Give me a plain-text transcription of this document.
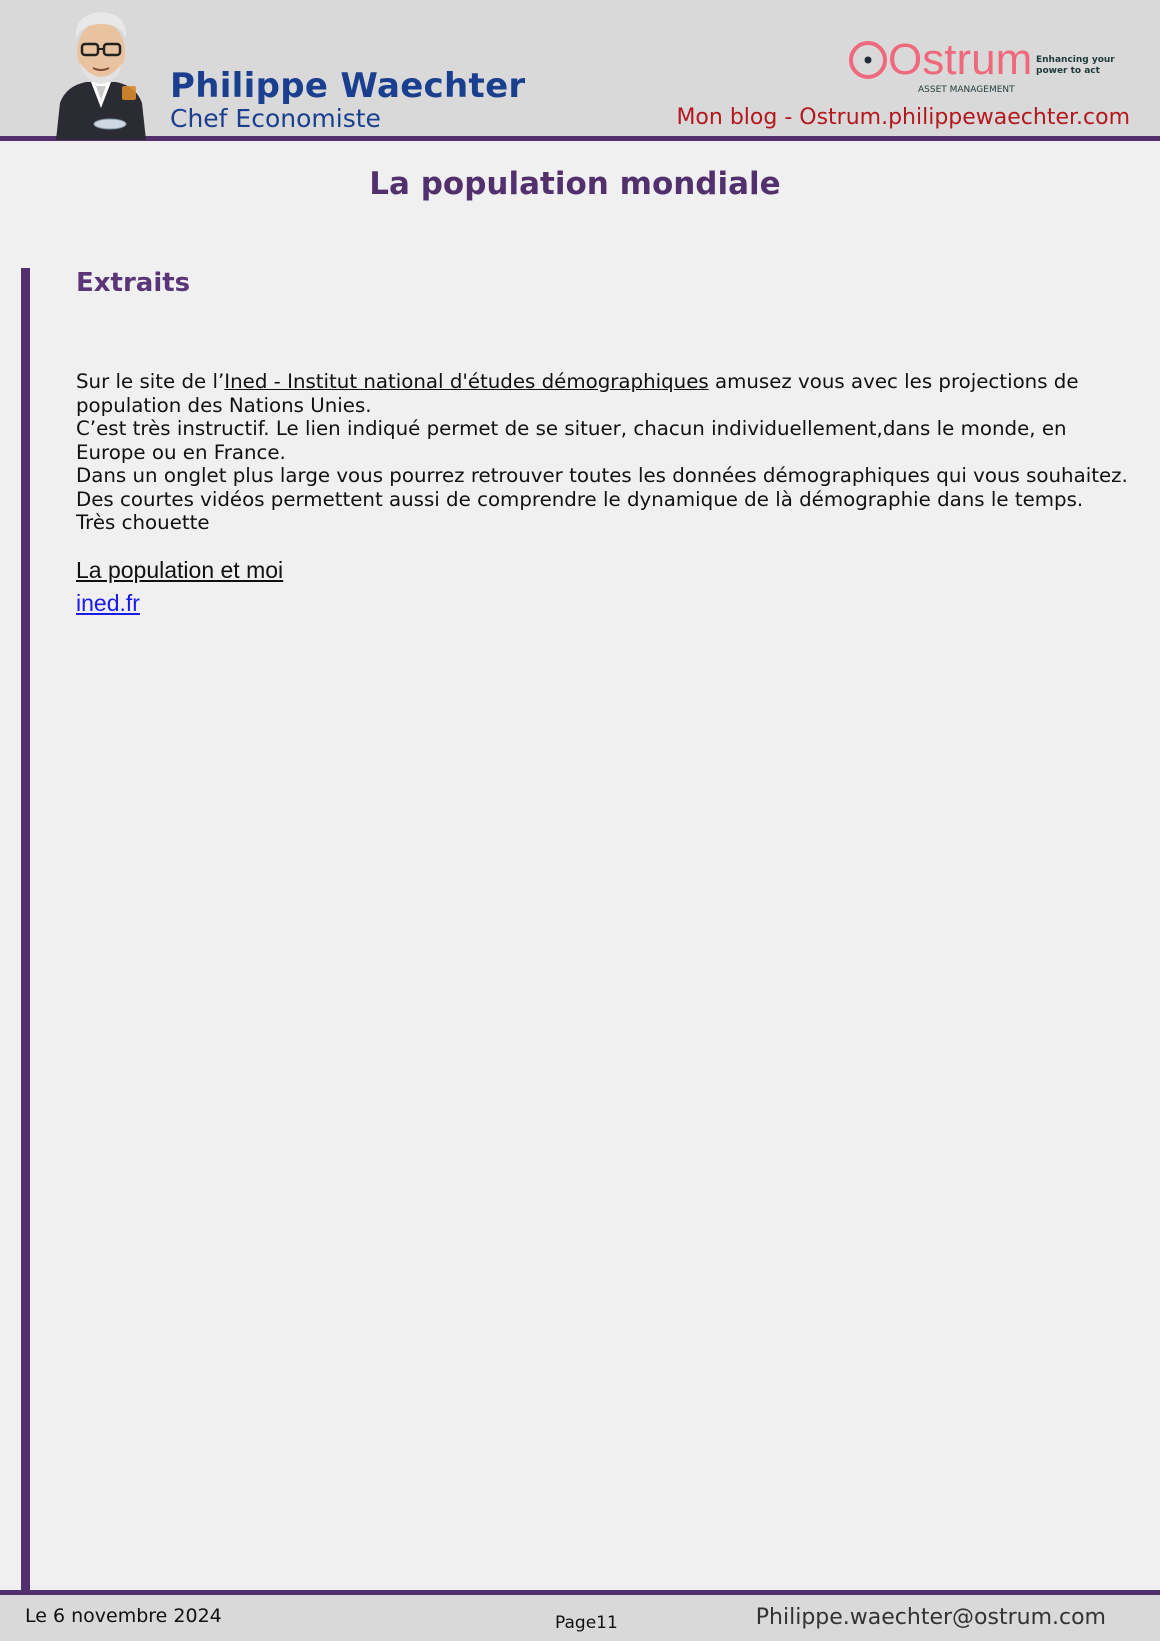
Philippe Waechter
Chef Economiste
Ostrum Enhancing your
power to act
ASSET MANAGEMENT
Mon blog - Ostrum.philippewaechter.com
La population mondiale
Extraits

Sur le site de l’Ined - Institut national d'études démographiques amusez vous avec les projections de population des Nations Unies.

C’est très instructif. Le lien indiqué permet de se situer, chacun individuellement,dans le monde, en Europe ou en France.

Dans un onglet plus large vous pourrez retrouver toutes les données démographiques qui vous souhaitez.

Des courtes vidéos permettent aussi de comprendre le dynamique de là démographie dans le temps.

Très chouette

La population et moi
ined.fr
Le 6 novembre 2024	Page11	Philippe.waechter@ostrum.com
